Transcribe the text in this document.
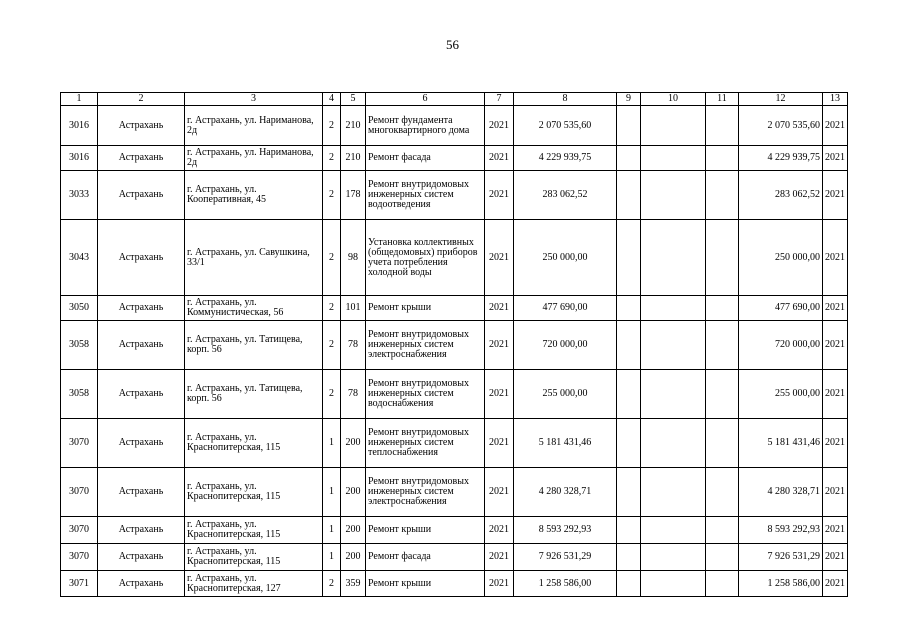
56
1	2	3	4	5	6	7	8	9	10	11	12	13
3016	Астрахань	г. Астрахань, ул. Нариманова, 2д	2	210	Ремонт фундамента многоквартирного дома	2021	2 070 535,60				2 070 535,60	2021
3016	Астрахань	г. Астрахань, ул. Нариманова, 2д	2	210	Ремонт фасада	2021	4 229 939,75				4 229 939,75	2021
3033	Астрахань	г. Астрахань, ул. Кооперативная, 45	2	178	Ремонт внутридомовых инженерных систем водоотведения	2021	283 062,52				283 062,52	2021
3043	Астрахань	г. Астрахань, ул. Савушкина, 33/1	2	98	Установка коллективных (общедомовых) приборов учета потребления холодной воды	2021	250 000,00				250 000,00	2021
3050	Астрахань	г. Астрахань, ул. Коммунистическая, 56	2	101	Ремонт крыши	2021	477 690,00				477 690,00	2021
3058	Астрахань	г. Астрахань, ул. Татищева, корп. 56	2	78	Ремонт внутридомовых инженерных систем электроснабжения	2021	720 000,00				720 000,00	2021
3058	Астрахань	г. Астрахань, ул. Татищева, корп. 56	2	78	Ремонт внутридомовых инженерных систем водоснабжения	2021	255 000,00				255 000,00	2021
3070	Астрахань	г. Астрахань, ул. Краснопитерская, 115	1	200	Ремонт внутридомовых инженерных систем теплоснабжения	2021	5 181 431,46				5 181 431,46	2021
3070	Астрахань	г. Астрахань, ул. Краснопитерская, 115	1	200	Ремонт внутридомовых инженерных систем электроснабжения	2021	4 280 328,71				4 280 328,71	2021
3070	Астрахань	г. Астрахань, ул. Краснопитерская, 115	1	200	Ремонт крыши	2021	8 593 292,93				8 593 292,93	2021
3070	Астрахань	г. Астрахань, ул. Краснопитерская, 115	1	200	Ремонт фасада	2021	7 926 531,29				7 926 531,29	2021
3071	Астрахань	г. Астрахань, ул. Краснопитерская, 127	2	359	Ремонт крыши	2021	1 258 586,00				1 258 586,00	2021
